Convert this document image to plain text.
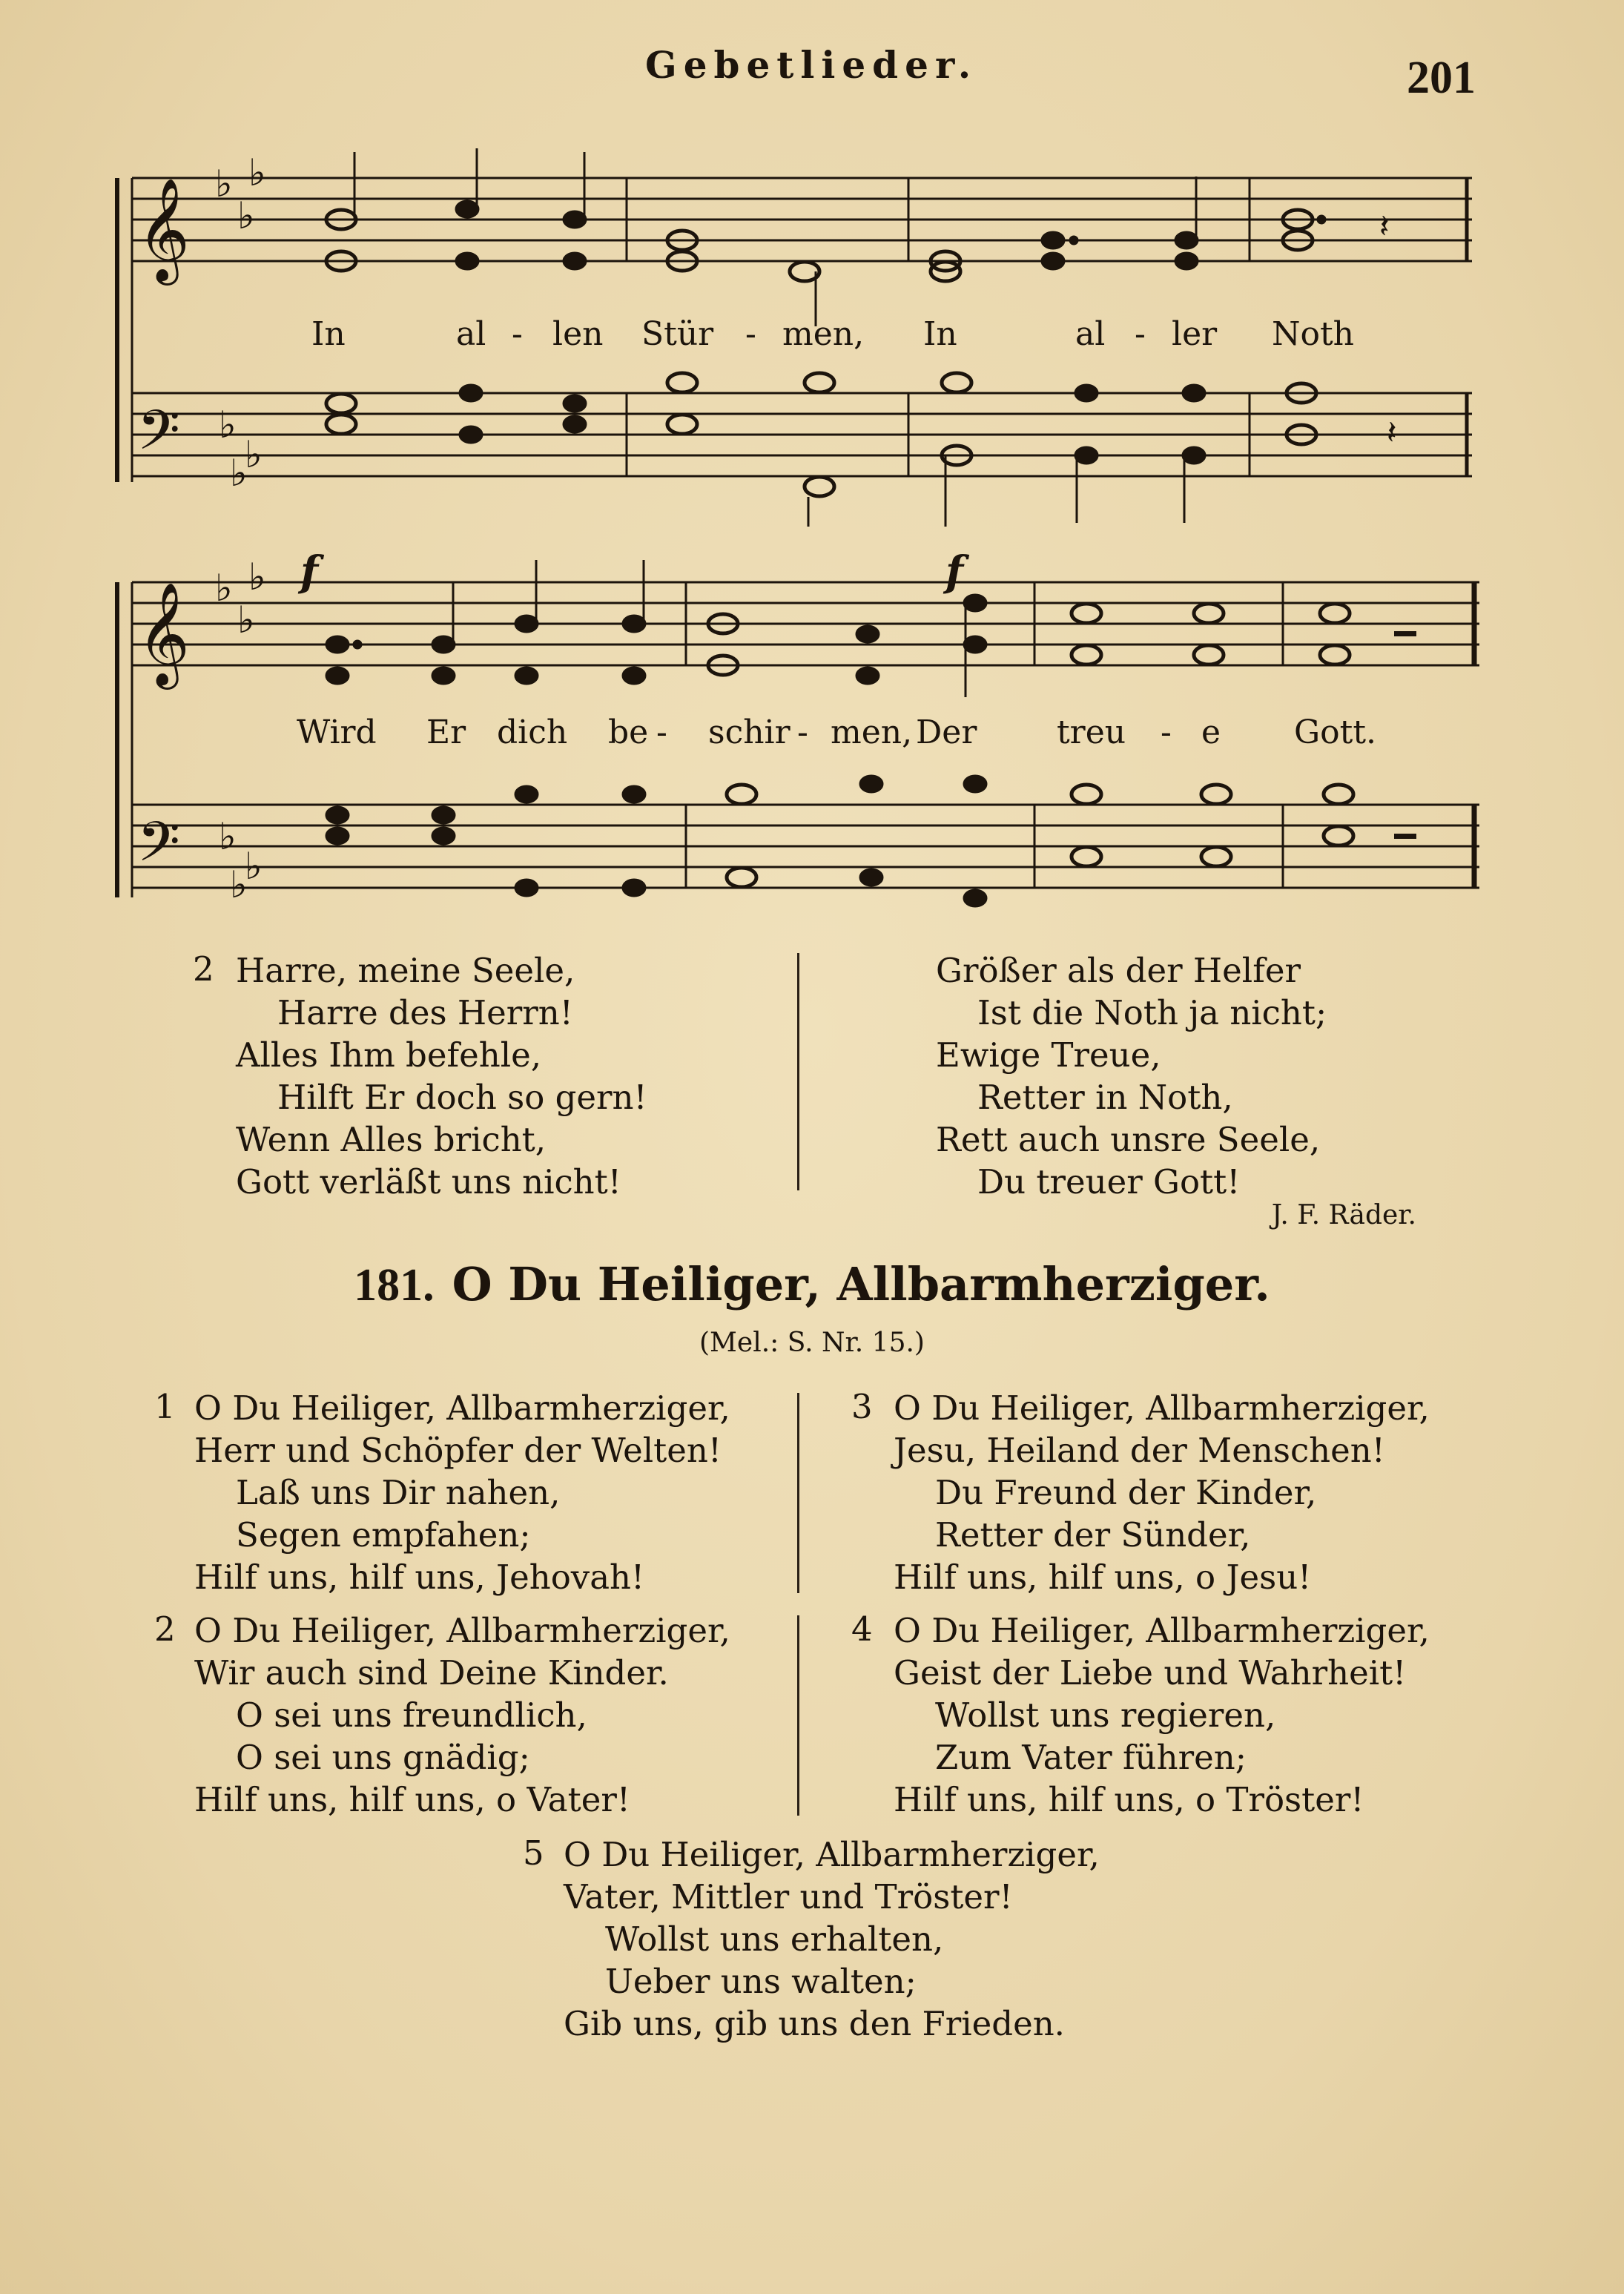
Gebetlieder.	201
𝄞
𝄢
𝄞
𝄢
♭
♭
♭
♭
♭
♭
♭
♭
♭
♭
♭
♭
𝄽
𝄽
f	f
In	al - len Stür - men, In	al - ler Noth
Wird Er dich be - schir - men, Der treu - e Gott.
2 Harre, meine Seele,
Harre des Herrn!
Alles Ihm befehle,
Hilft Er doch so gern!
Wenn Alles bricht,
Gott verläßt uns nicht!
Größer als der Helfer
Ist die Noth ja nicht;
Ewige Treue,
Retter in Noth,
Rett auch unsre Seele,
Du treuer Gott!
J. F. Räder.
181. O Du Heiliger, Allbarmherziger.
(Mel.: S. Nr. 15.)
1 O Du Heiliger, Allbarmherziger,
Herr und Schöpfer der Welten!
Laß uns Dir nahen,
Segen empfahen;
Hilf uns, hilf uns, Jehovah!
3 O Du Heiliger, Allbarmherziger,
Jesu, Heiland der Menschen!
Du Freund der Kinder,
Retter der Sünder,
Hilf uns, hilf uns, o Jesu!
2 O Du Heiliger, Allbarmherziger,
Wir auch sind Deine Kinder.
O sei uns freundlich,
O sei uns gnädig;
Hilf uns, hilf uns, o Vater!
4 O Du Heiliger, Allbarmherziger,
Geist der Liebe und Wahrheit!
Wollst uns regieren,
Zum Vater führen;
Hilf uns, hilf uns, o Tröster!
5 O Du Heiliger, Allbarmherziger,
Vater, Mittler und Tröster!
Wollst uns erhalten,
Ueber uns walten;
Gib uns, gib uns den Frieden.
